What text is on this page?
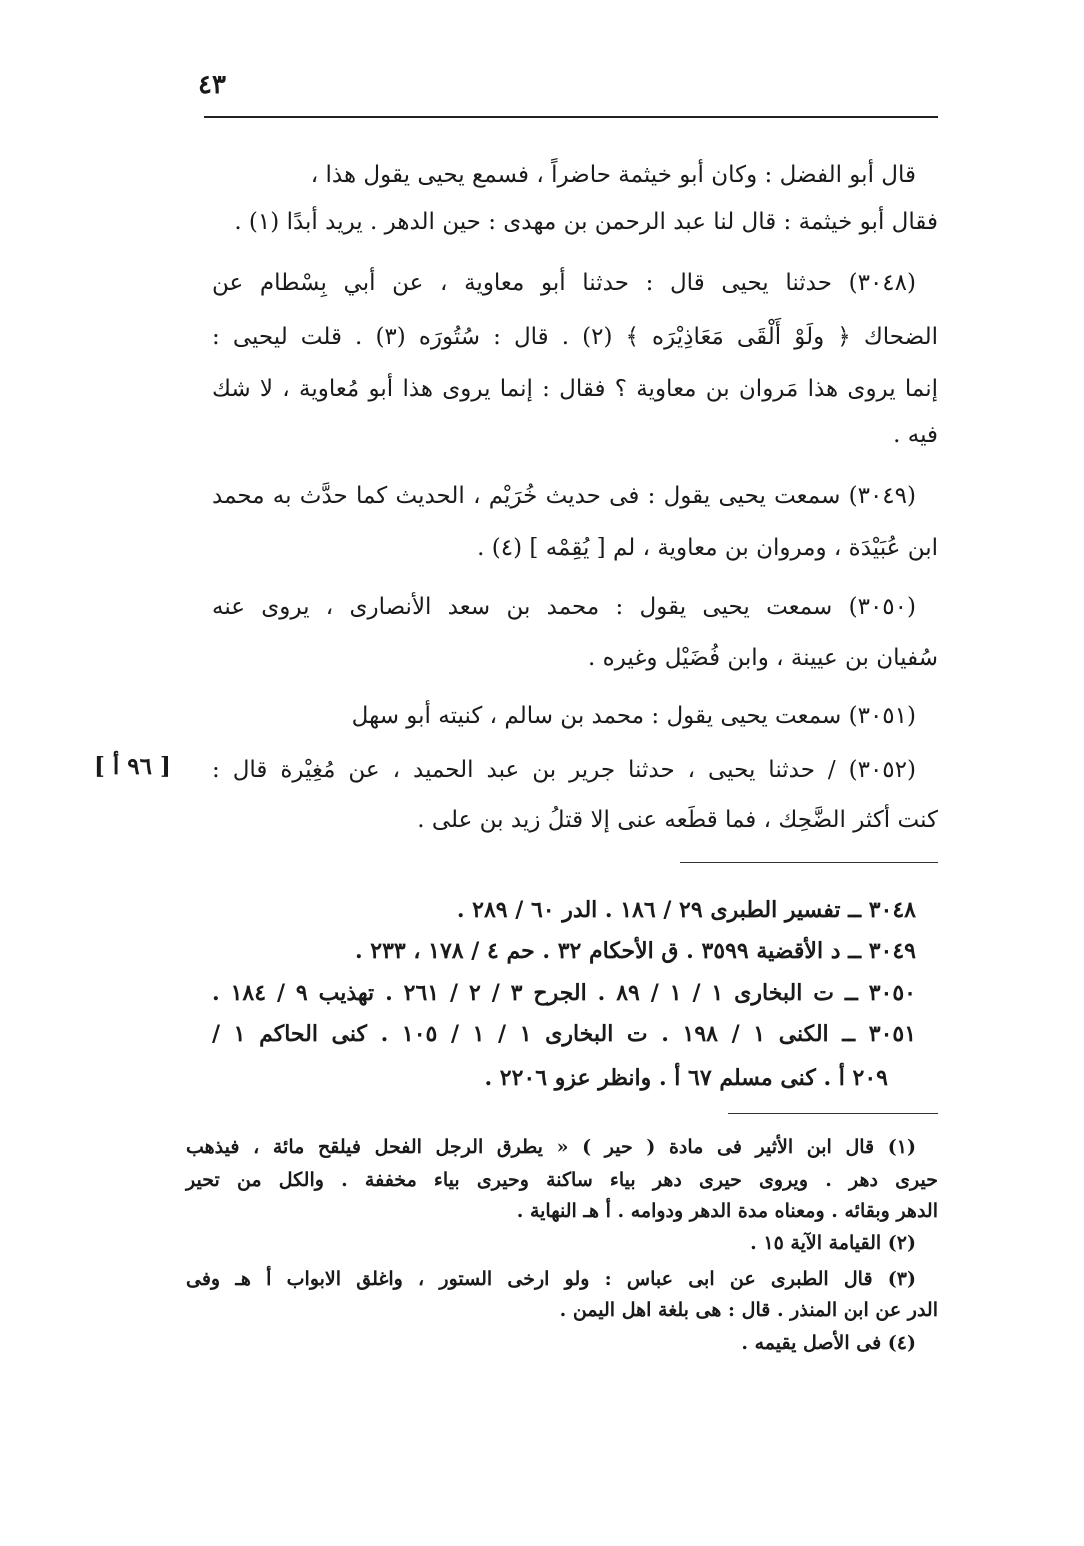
٤٣
قال أبو الفضل : وكان أبو خيثمة حاضراً ، فسمع يحيى يقول هذا ،
فقال أبو خيثمة : قال لنا عبد الرحمن بن مهدى : حين الدهر . يريد أبدًا (١) .
(٣٠٤٨) حدثنا يحيى قال : حدثنا أبو معاوية ، عن أبي بِسْطام عن
الضحاك ﴿ ولَوْ أَلْقَى مَعَاذِيْرَه ﴾ (٢) . قال : سُتُورَه (٣) . قلت ليحيى :
إنما يروى هذا مَروان بن معاوية ؟ فقال : إنما يروى هذا أبو مُعاوية ، لا شك
فيه .
(٣٠٤٩) سمعت يحيى يقول : فى حديث خُرَيْم ، الحديث كما حدَّث به محمد
ابن عُبَيْدَة ، ومروان بن معاوية ، لم [ يُقِمْه ] (٤) .
(٣٠٥٠) سمعت يحيى يقول : محمد بن سعد الأنصارى ، يروى عنه
سُفيان بن عيينة ، وابن فُضَيْل وغيره .
(٣٠٥١) سمعت يحيى يقول : محمد بن سالم ، كنيته أبو سهل
(٣٠٥٢) / حدثنا يحيى ، حدثنا جرير بن عبد الحميد ، عن مُغِيْرة قال :
كنت أكثر الضَّحِك ، فما قطَعه عنى إلا قتلُ زيد بن على .
[ ٩٦ أ ]
٣٠٤٨ ــ تفسير الطبرى ٢٩ / ١٨٦ . الدر ٦٠ / ٢٨٩ .
٣٠٤٩ ــ د الأقضية ٣٥٩٩ . ق الأحكام ٣٢ . حم ٤ / ١٧٨ ، ٢٣٣ .
٣٠٥٠ ــ ت البخارى ١ / ١ / ٨٩ . الجرح ٣ / ٢ / ٢٦١ . تهذيب ٩ / ١٨٤ .
٣٠٥١ ــ الكنى ١ / ١٩٨ . ت البخارى ١ / ١ / ١٠٥ . كنى الحاكم ١ /
٢٠٩ أ . كنى مسلم ٦٧ أ . وانظر عزو ٢٢٠٦ .
(١) قال ابن الأثير فى مادة ( حير ) « يطرق الرجل الفحل فيلقح مائة ، فيذهب
حيرى دهر . ويروى حيرى دهر بياء ساكنة وحيرى بياء مخففة . والكل من تحير
الدهر وبقائه . ومعناه مدة الدهر ودوامه . أ هـ النهاية .
(٢) القيامة الآية ١٥ .
(٣) قال الطبرى عن ابى عباس : ولو ارخى الستور ، واغلق الابواب أ هـ وفى
الدر عن ابن المنذر . قال : هى بلغة اهل اليمن .
(٤) فى الأصل يقيمه .
